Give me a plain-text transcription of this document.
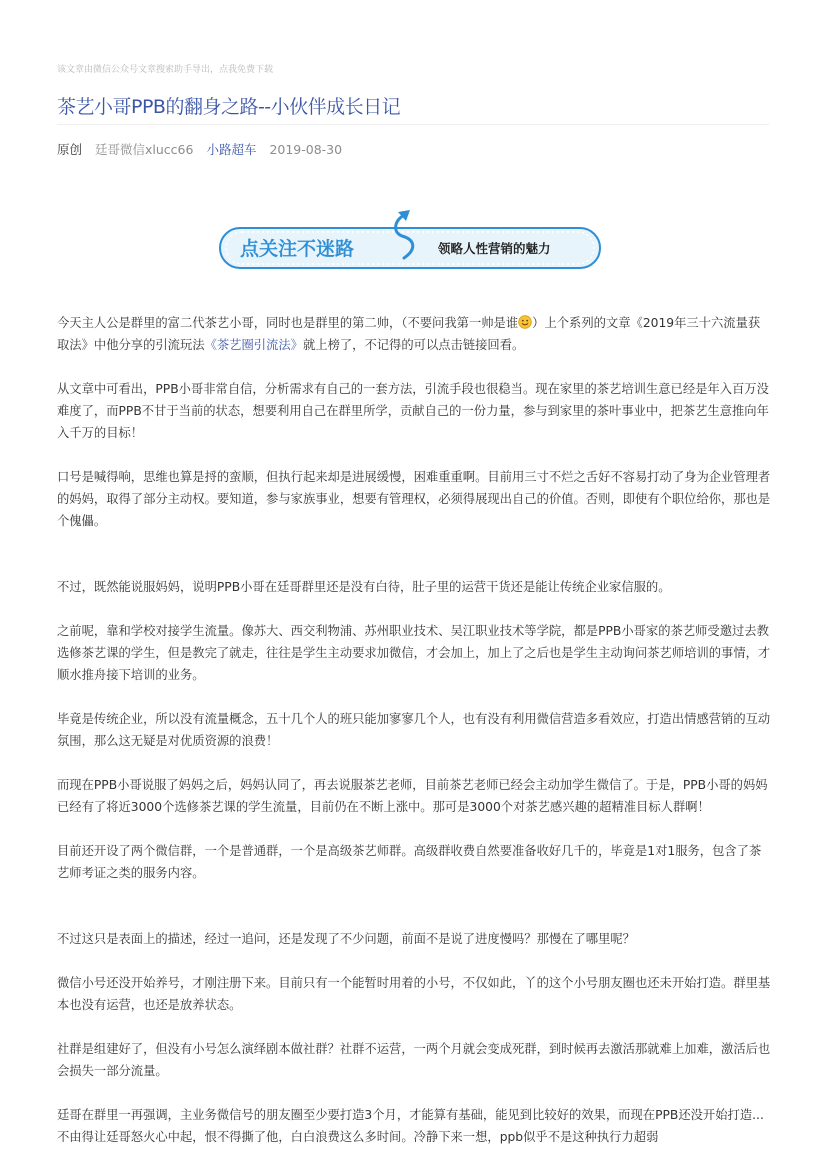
该文章由微信公众号文章搜索助手导出，点我免费下载
茶艺小哥PPB的翻身之路--小伙伴成长日记
原创 廷哥微信xlucc66 小路超车 2019-08-30
点关注不迷路	领略人性营销的魅力

今天主人公是群里的富二代茶艺小哥，同时也是群里的第二帅，（不要问我第一帅是谁 ）上个系列的文章《2019年三十六流量获取法》中他分享的引流玩法《茶艺圈引流法》就上榜了，不记得的可以点击链接回看。

从文章中可看出，PPB小哥非常自信，分析需求有自己的一套方法，引流手段也很稳当。现在家里的茶艺培训生意已经是年入百万没难度了，而PPB不甘于当前的状态，想要利用自己在群里所学，贡献自己的一份力量，参与到家里的茶叶事业中，把茶艺生意推向年入千万的目标！

口号是喊得响，思维也算是捋的蛮顺，但执行起来却是进展缓慢，困难重重啊。目前用三寸不烂之舌好不容易打动了身为企业管理者的妈妈，取得了部分主动权。要知道，参与家族事业，想要有管理权，必须得展现出自己的价值。否则，即使有个职位给你，那也是个傀儡。

不过，既然能说服妈妈，说明PPB小哥在廷哥群里还是没有白待，肚子里的运营干货还是能让传统企业家信服的。

之前呢，靠和学校对接学生流量。像苏大、西交利物浦、苏州职业技术、吴江职业技术等学院，都是PPB小哥家的茶艺师受邀过去教选修茶艺课的学生，但是教完了就走，往往是学生主动要求加微信，才会加上，加上了之后也是学生主动询问茶艺师培训的事情，才顺水推舟接下培训的业务。

毕竟是传统企业，所以没有流量概念，五十几个人的班只能加寥寥几个人，也有没有利用微信营造多看效应，打造出情感营销的互动氛围，那么这无疑是对优质资源的浪费！

而现在PPB小哥说服了妈妈之后，妈妈认同了，再去说服茶艺老师，目前茶艺老师已经会主动加学生微信了。于是，PPB小哥的妈妈已经有了将近3000个选修茶艺课的学生流量，目前仍在不断上涨中。那可是3000个对茶艺感兴趣的超精准目标人群啊！

目前还开设了两个微信群，一个是普通群，一个是高级茶艺师群。高级群收费自然要准备收好几千的，毕竟是1对1服务，包含了茶艺师考证之类的服务内容。

不过这只是表面上的描述，经过一追问，还是发现了不少问题，前面不是说了进度慢吗？那慢在了哪里呢？

微信小号还没开始养号，才刚注册下来。目前只有一个能暂时用着的小号，不仅如此，丫的这个小号朋友圈也还未开始打造。群里基本也没有运营，也还是放养状态。

社群是组建好了，但没有小号怎么演绎剧本做社群？社群不运营，一两个月就会变成死群，到时候再去激活那就难上加难，激活后也会损失一部分流量。

廷哥在群里一再强调，主业务微信号的朋友圈至少要打造3个月，才能算有基础，能见到比较好的效果，而现在PPB还没开始打造...不由得让廷哥怒火心中起，恨不得撕了他，白白浪费这么多时间。冷静下来一想，ppb似乎不是这种执行力超弱
